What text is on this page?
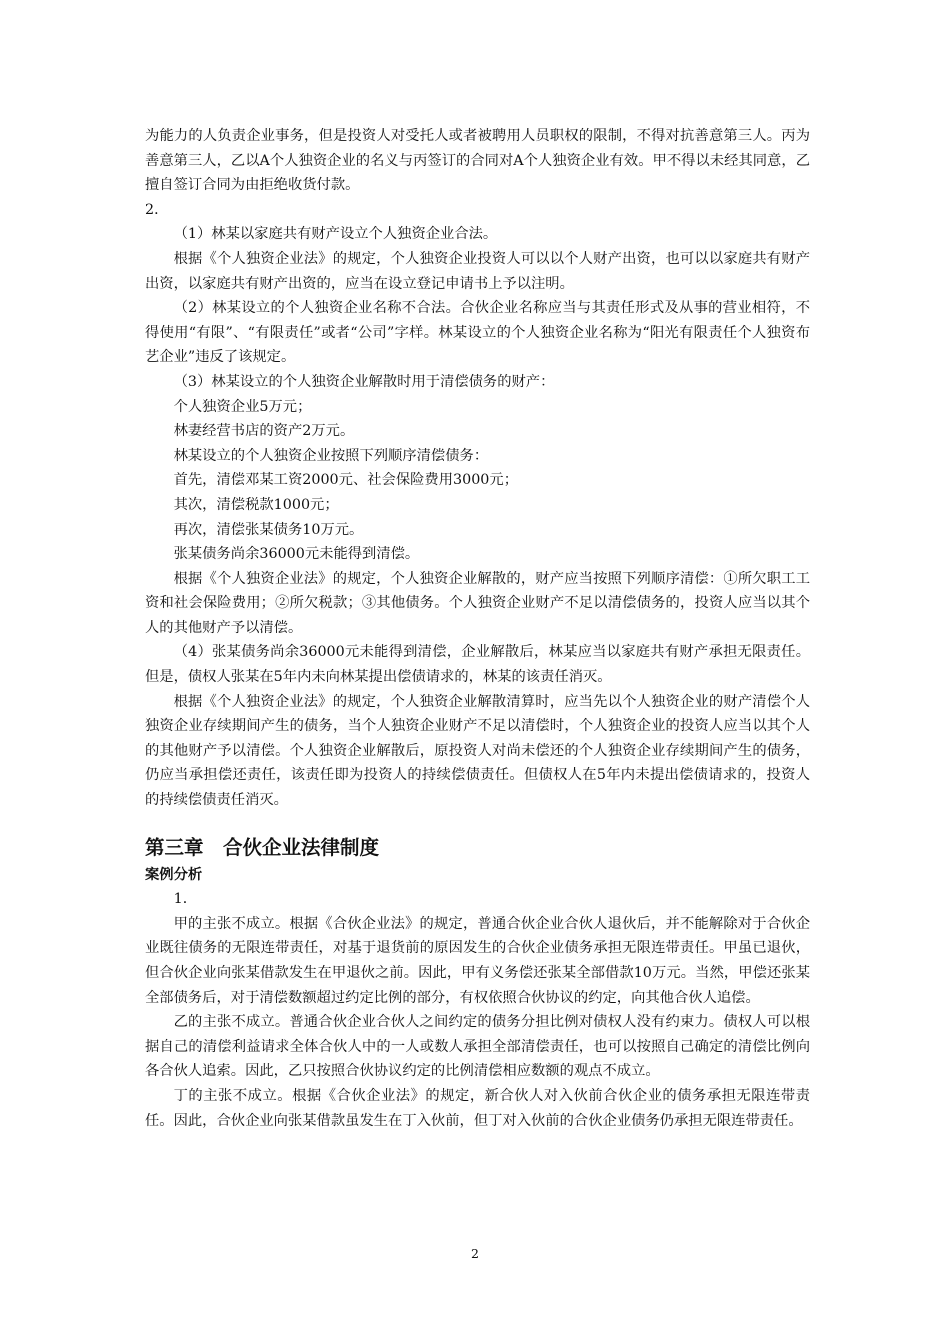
为能力的人负责企业事务，但是投资人对受托人或者被聘用人员职权的限制，不得对抗善意第三人。丙为善意第三人，乙以A个人独资企业的名义与丙签订的合同对A个人独资企业有效。甲不得以未经其同意，乙擅自签订合同为由拒绝收货付款。

2．

（1）林某以家庭共有财产设立个人独资企业合法。

根据《个人独资企业法》的规定，个人独资企业投资人可以以个人财产出资，也可以以家庭共有财产出资，以家庭共有财产出资的，应当在设立登记申请书上予以注明。

（2）林某设立的个人独资企业名称不合法。合伙企业名称应当与其责任形式及从事的营业相符，不得使用“有限”、“有限责任”或者“公司”字样。林某设立的个人独资企业名称为“阳光有限责任个人独资布艺企业”违反了该规定。

（3）林某设立的个人独资企业解散时用于清偿债务的财产：

个人独资企业5万元；

林妻经营书店的资产2万元。

林某设立的个人独资企业按照下列顺序清偿债务：

首先，清偿邓某工资2000元、社会保险费用3000元；

其次，清偿税款1000元；

再次，清偿张某债务10万元。

张某债务尚余36000元未能得到清偿。

根据《个人独资企业法》的规定，个人独资企业解散的，财产应当按照下列顺序清偿：①所欠职工工资和社会保险费用；②所欠税款；③其他债务。个人独资企业财产不足以清偿债务的，投资人应当以其个人的其他财产予以清偿。

（4）张某债务尚余36000元未能得到清偿，企业解散后，林某应当以家庭共有财产承担无限责任。但是，债权人张某在5年内未向林某提出偿债请求的，林某的该责任消灭。

根据《个人独资企业法》的规定，个人独资企业解散清算时，应当先以个人独资企业的财产清偿个人独资企业存续期间产生的债务，当个人独资企业财产不足以清偿时，个人独资企业的投资人应当以其个人的其他财产予以清偿。个人独资企业解散后，原投资人对尚未偿还的个人独资企业存续期间产生的债务，仍应当承担偿还责任，该责任即为投资人的持续偿债责任。但债权人在5年内未提出偿债请求的，投资人的持续偿债责任消灭。

第三章　合伙企业法律制度

案例分析

1．

甲的主张不成立。根据《合伙企业法》的规定，普通合伙企业合伙人退伙后，并不能解除对于合伙企业既往债务的无限连带责任，对基于退货前的原因发生的合伙企业债务承担无限连带责任。甲虽已退伙，但合伙企业向张某借款发生在甲退伙之前。因此，甲有义务偿还张某全部借款10万元。当然，甲偿还张某全部债务后，对于清偿数额超过约定比例的部分，有权依照合伙协议的约定，向其他合伙人追偿。

乙的主张不成立。普通合伙企业合伙人之间约定的债务分担比例对债权人没有约束力。债权人可以根据自己的清偿利益请求全体合伙人中的一人或数人承担全部清偿责任，也可以按照自己确定的清偿比例向各合伙人追索。因此，乙只按照合伙协议约定的比例清偿相应数额的观点不成立。

丁的主张不成立。根据《合伙企业法》的规定，新合伙人对入伙前合伙企业的债务承担无限连带责任。因此，合伙企业向张某借款虽发生在丁入伙前，但丁对入伙前的合伙企业债务仍承担无限连带责任。

2
